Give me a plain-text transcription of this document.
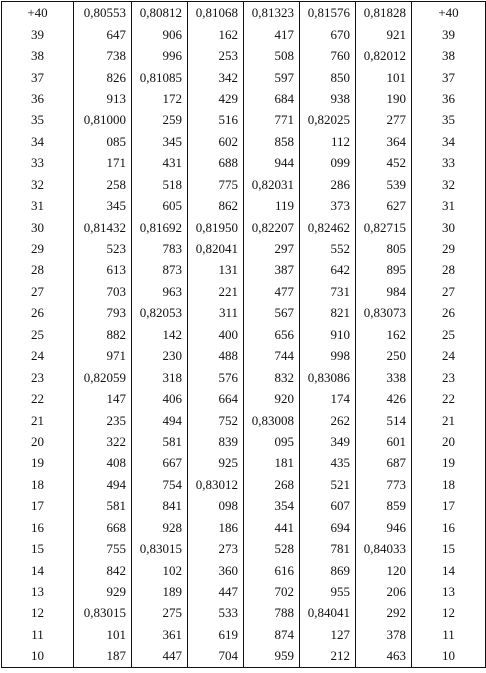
+40	0,80553	0,80812	0,81068	0,81323	0,81576	0,81828	+40
39	647	906	162	417	670	921	39
38	738	996	253	508	760	0,82012	38
37	826	0,81085	342	597	850	101	37
36	913	172	429	684	938	190	36
35	0,81000	259	516	771	0,82025	277	35
34	085	345	602	858	112	364	34
33	171	431	688	944	099	452	33
32	258	518	775	0,82031	286	539	32
31	345	605	862	119	373	627	31
30	0,81432	0,81692	0,81950	0,82207	0,82462	0,82715	30
29	523	783	0,82041	297	552	805	29
28	613	873	131	387	642	895	28
27	703	963	221	477	731	984	27
26	793	0,82053	311	567	821	0,83073	26
25	882	142	400	656	910	162	25
24	971	230	488	744	998	250	24
23	0,82059	318	576	832	0,83086	338	23
22	147	406	664	920	174	426	22
21	235	494	752	0,83008	262	514	21
20	322	581	839	095	349	601	20
19	408	667	925	181	435	687	19
18	494	754	0,83012	268	521	773	18
17	581	841	098	354	607	859	17
16	668	928	186	441	694	946	16
15	755	0,83015	273	528	781	0,84033	15
14	842	102	360	616	869	120	14
13	929	189	447	702	955	206	13
12	0,83015	275	533	788	0,84041	292	12
11	101	361	619	874	127	378	11
10	187	447	704	959	212	463	10
